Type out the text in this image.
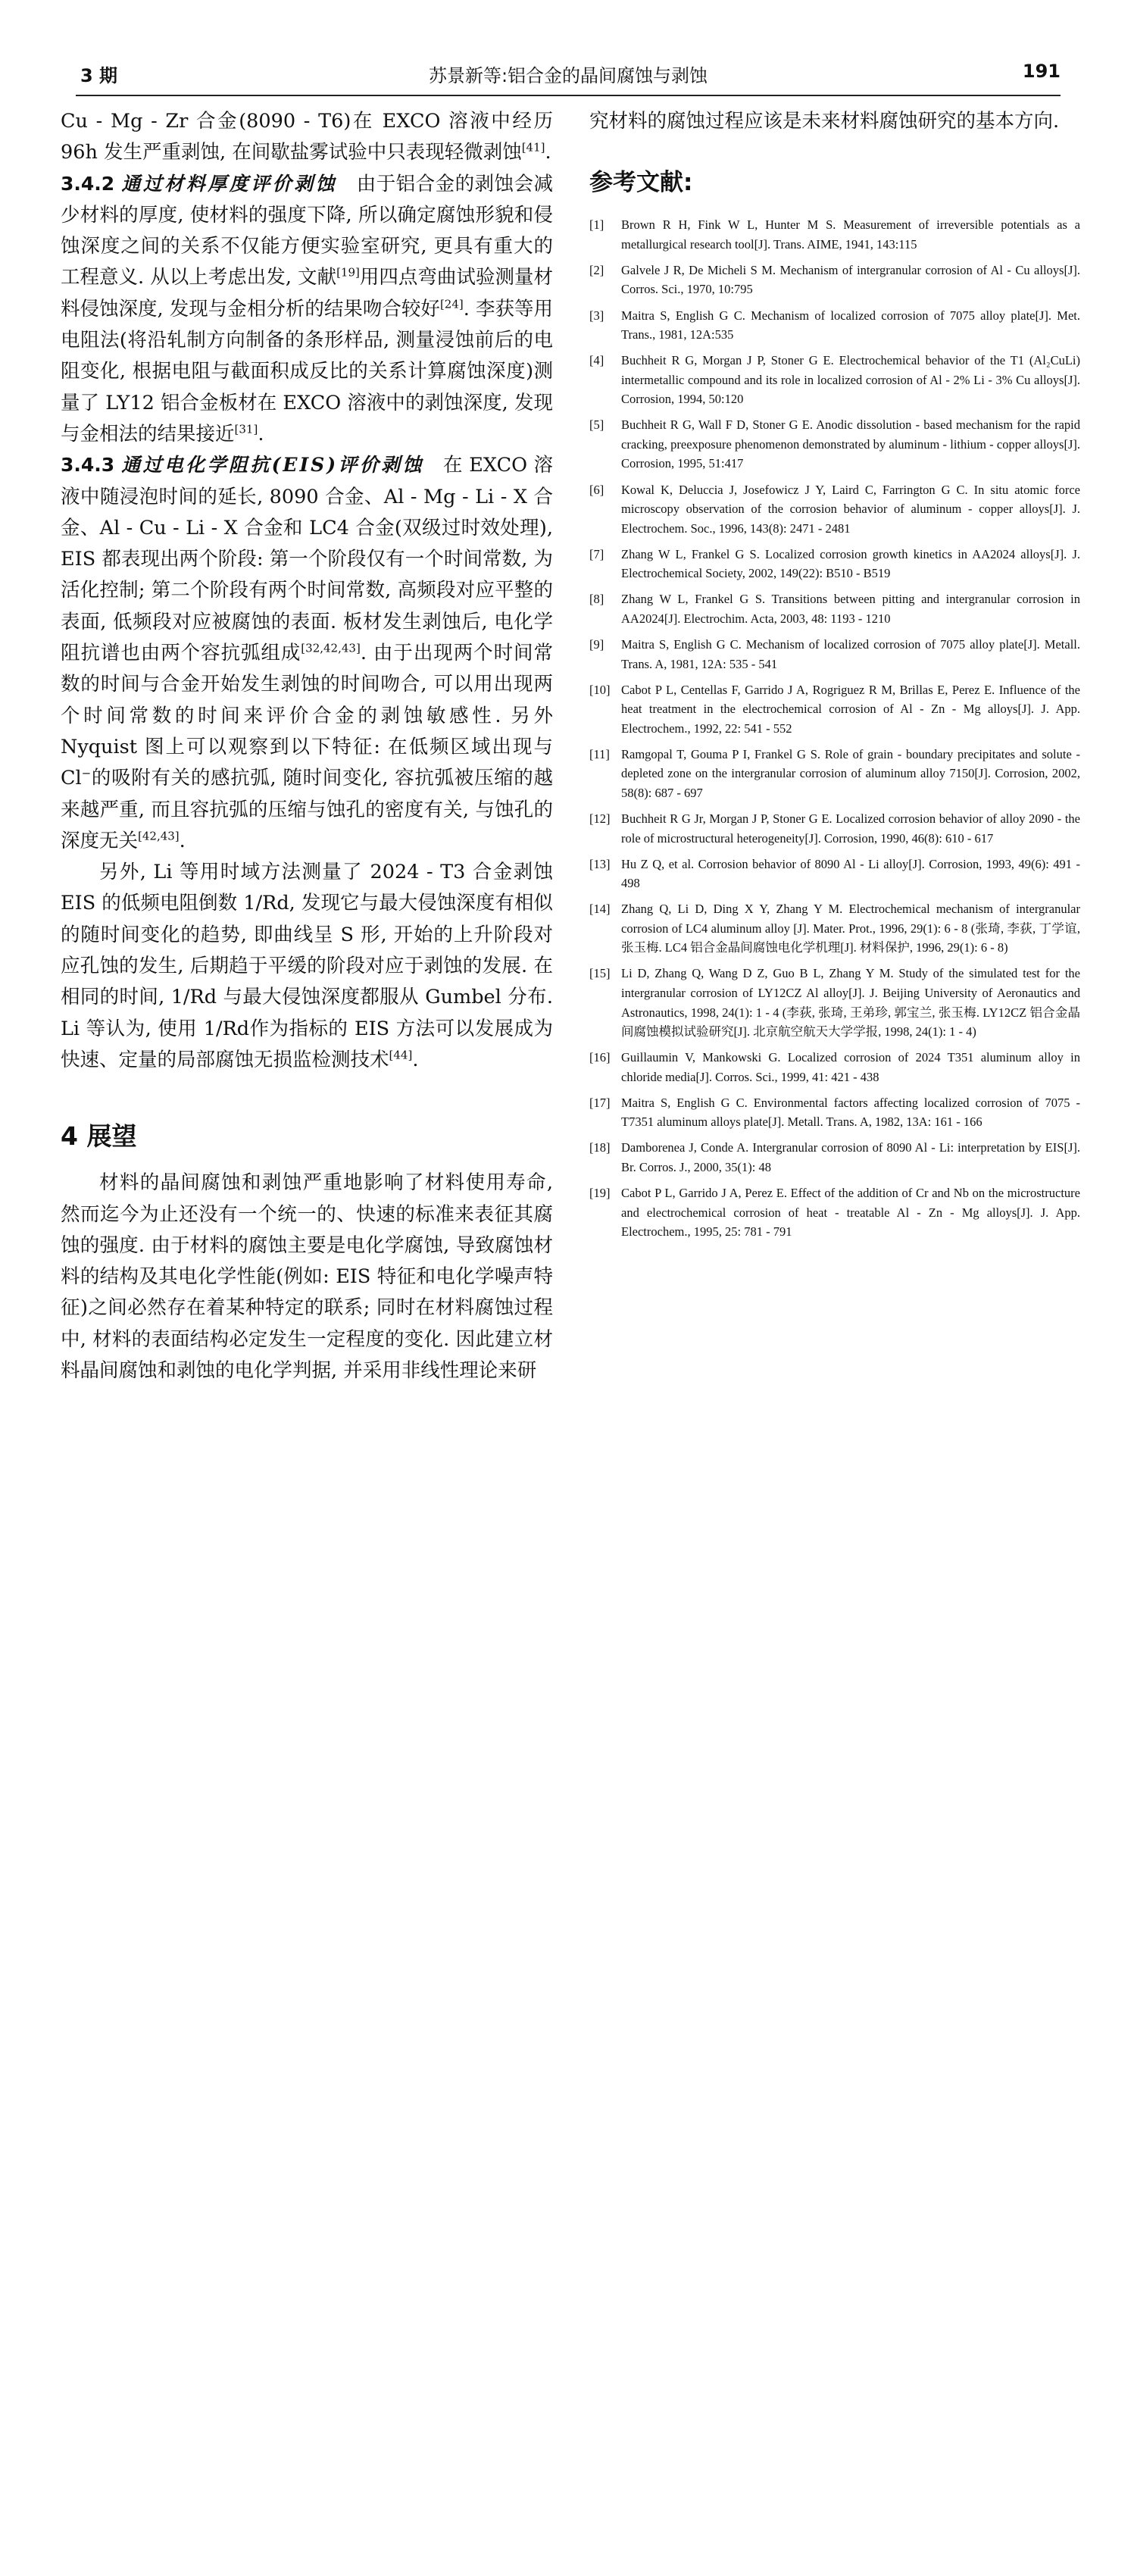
3 期	苏景新等:铝合金的晶间腐蚀与剥蚀	191

Cu - Mg - Zr 合金(8090 - T6)在 EXCO 溶液中经历 96h 发生严重剥蚀, 在间歇盐雾试验中只表现轻微剥蚀[41].

3.4.2 通过材料厚度评价剥蚀 由于铝合金的剥蚀会减少材料的厚度, 使材料的强度下降, 所以确定腐蚀形貌和侵蚀深度之间的关系不仅能方便实验室研究, 更具有重大的工程意义. 从以上考虑出发, 文献[19]用四点弯曲试验测量材料侵蚀深度, 发现与金相分析的结果吻合较好[24]. 李获等用电阻法(将沿轧制方向制备的条形样品, 测量浸蚀前后的电阻变化, 根据电阻与截面积成反比的关系计算腐蚀深度)测量了 LY12 铝合金板材在 EXCO 溶液中的剥蚀深度, 发现与金相法的结果接近[31].

3.4.3 通过电化学阻抗(EIS)评价剥蚀 在 EXCO 溶液中随浸泡时间的延长, 8090 合金、Al - Mg - Li - X 合金、Al - Cu - Li - X 合金和 LC4 合金(双级过时效处理), EIS 都表现出两个阶段: 第一个阶段仅有一个时间常数, 为活化控制; 第二个阶段有两个时间常数, 高频段对应平整的表面, 低频段对应被腐蚀的表面. 板材发生剥蚀后, 电化学阻抗谱也由两个容抗弧组成[32,42,43]. 由于出现两个时间常数的时间与合金开始发生剥蚀的时间吻合, 可以用出现两个时间常数的时间来评价合金的剥蚀敏感性. 另外 Nyquist 图上可以观察到以下特征: 在低频区域出现与 Cl−的吸附有关的感抗弧, 随时间变化, 容抗弧被压缩的越来越严重, 而且容抗弧的压缩与蚀孔的密度有关, 与蚀孔的深度无关[42,43].

另外, Li 等用时域方法测量了 2024 - T3 合金剥蚀 EIS 的低频电阻倒数 1/Rd, 发现它与最大侵蚀深度有相似的随时间变化的趋势, 即曲线呈 S 形, 开始的上升阶段对应孔蚀的发生, 后期趋于平缓的阶段对应于剥蚀的发展. 在相同的时间, 1/Rd 与最大侵蚀深度都服从 Gumbel 分布. Li 等认为, 使用 1/Rd作为指标的 EIS 方法可以发展成为快速、定量的局部腐蚀无损监检测技术[44].

4 展望

材料的晶间腐蚀和剥蚀严重地影响了材料使用寿命, 然而迄今为止还没有一个统一的、快速的标准来表征其腐蚀的强度. 由于材料的腐蚀主要是电化学腐蚀, 导致腐蚀材料的结构及其电化学性能(例如: EIS 特征和电化学噪声特征)之间必然存在着某种特定的联系; 同时在材料腐蚀过程中, 材料的表面结构必定发生一定程度的变化. 因此建立材料晶间腐蚀和剥蚀的电化学判据, 并采用非线性理论来研

究材料的腐蚀过程应该是未来材料腐蚀研究的基本方向.

参考文献:
[1] Brown R H, Fink W L, Hunter M S. Measurement of irreversible potentials as a metallurgical research tool[J]. Trans. AIME, 1941, 143:115
[2] Galvele J R, De Micheli S M. Mechanism of intergranular corrosion of Al - Cu alloys[J]. Corros. Sci., 1970, 10:795
[3] Maitra S, English G C. Mechanism of localized corrosion of 7075 alloy plate[J]. Met. Trans., 1981, 12A:535
[4] Buchheit R G, Morgan J P, Stoner G E. Electrochemical behavior of the T1 (Al₂CuLi) intermetallic compound and its role in localized corrosion of Al - 2% Li - 3% Cu alloys[J]. Corrosion, 1994, 50:120
[5] Buchheit R G, Wall F D, Stoner G E. Anodic dissolution - based mechanism for the rapid cracking, preexposure phenomenon demonstrated by aluminum - lithium - copper alloys[J]. Corrosion, 1995, 51:417
[6] Kowal K, Deluccia J, Josefowicz J Y, Laird C, Farrington G C. In situ atomic force microscopy observation of the corrosion behavior of aluminum - copper alloys[J]. J. Electrochem. Soc., 1996, 143(8): 2471 - 2481
[7] Zhang W L, Frankel G S. Localized corrosion growth kinetics in AA2024 alloys[J]. J. Electrochemical Society, 2002, 149(22): B510 - B519
[8] Zhang W L, Frankel G S. Transitions between pitting and intergranular corrosion in AA2024[J]. Electrochim. Acta, 2003, 48: 1193 - 1210
[9] Maitra S, English G C. Mechanism of localized corrosion of 7075 alloy plate[J]. Metall. Trans. A, 1981, 12A: 535 - 541
[10] Cabot P L, Centellas F, Garrido J A, Rogriguez R M, Brillas E, Perez E. Influence of the heat treatment in the electrochemical corrosion of Al - Zn - Mg alloys[J]. J. App. Electrochem., 1992, 22: 541 - 552
[11] Ramgopal T, Gouma P I, Frankel G S. Role of grain - boundary precipitates and solute - depleted zone on the intergranular corrosion of aluminum alloy 7150[J]. Corrosion, 2002, 58(8): 687 - 697
[12] Buchheit R G Jr, Morgan J P, Stoner G E. Localized corrosion behavior of alloy 2090 - the role of microstructural heterogeneity[J]. Corrosion, 1990, 46(8): 610 - 617
[13] Hu Z Q, et al. Corrosion behavior of 8090 Al - Li alloy[J]. Corrosion, 1993, 49(6): 491 - 498
[14] Zhang Q, Li D, Ding X Y, Zhang Y M. Electrochemical mechanism of intergranular corrosion of LC4 aluminum alloy [J]. Mater. Prot., 1996, 29(1): 6 - 8 (张琦, 李荻, 丁学谊, 张玉梅. LC4 铝合金晶间腐蚀电化学机理[J]. 材料保护, 1996, 29(1): 6 - 8)
[15] Li D, Zhang Q, Wang D Z, Guo B L, Zhang Y M. Study of the simulated test for the intergranular corrosion of LY12CZ Al alloy[J]. J. Beijing University of Aeronautics and Astronautics, 1998, 24(1): 1 - 4 (李荻, 张琦, 王弟珍, 郭宝兰, 张玉梅. LY12CZ 铝合金晶间腐蚀模拟试验研究[J]. 北京航空航天大学学报, 1998, 24(1): 1 - 4)
[16] Guillaumin V, Mankowski G. Localized corrosion of 2024 T351 aluminum alloy in chloride media[J]. Corros. Sci., 1999, 41: 421 - 438
[17] Maitra S, English G C. Environmental factors affecting localized corrosion of 7075 - T7351 aluminum alloys plate[J]. Metall. Trans. A, 1982, 13A: 161 - 166
[18] Damborenea J, Conde A. Intergranular corrosion of 8090 Al - Li: interpretation by EIS[J]. Br. Corros. J., 2000, 35(1): 48
[19] Cabot P L, Garrido J A, Perez E. Effect of the addition of Cr and Nb on the microstructure and electrochemical corrosion of heat - treatable Al - Zn - Mg alloys[J]. J. App. Electrochem., 1995, 25: 781 - 791
